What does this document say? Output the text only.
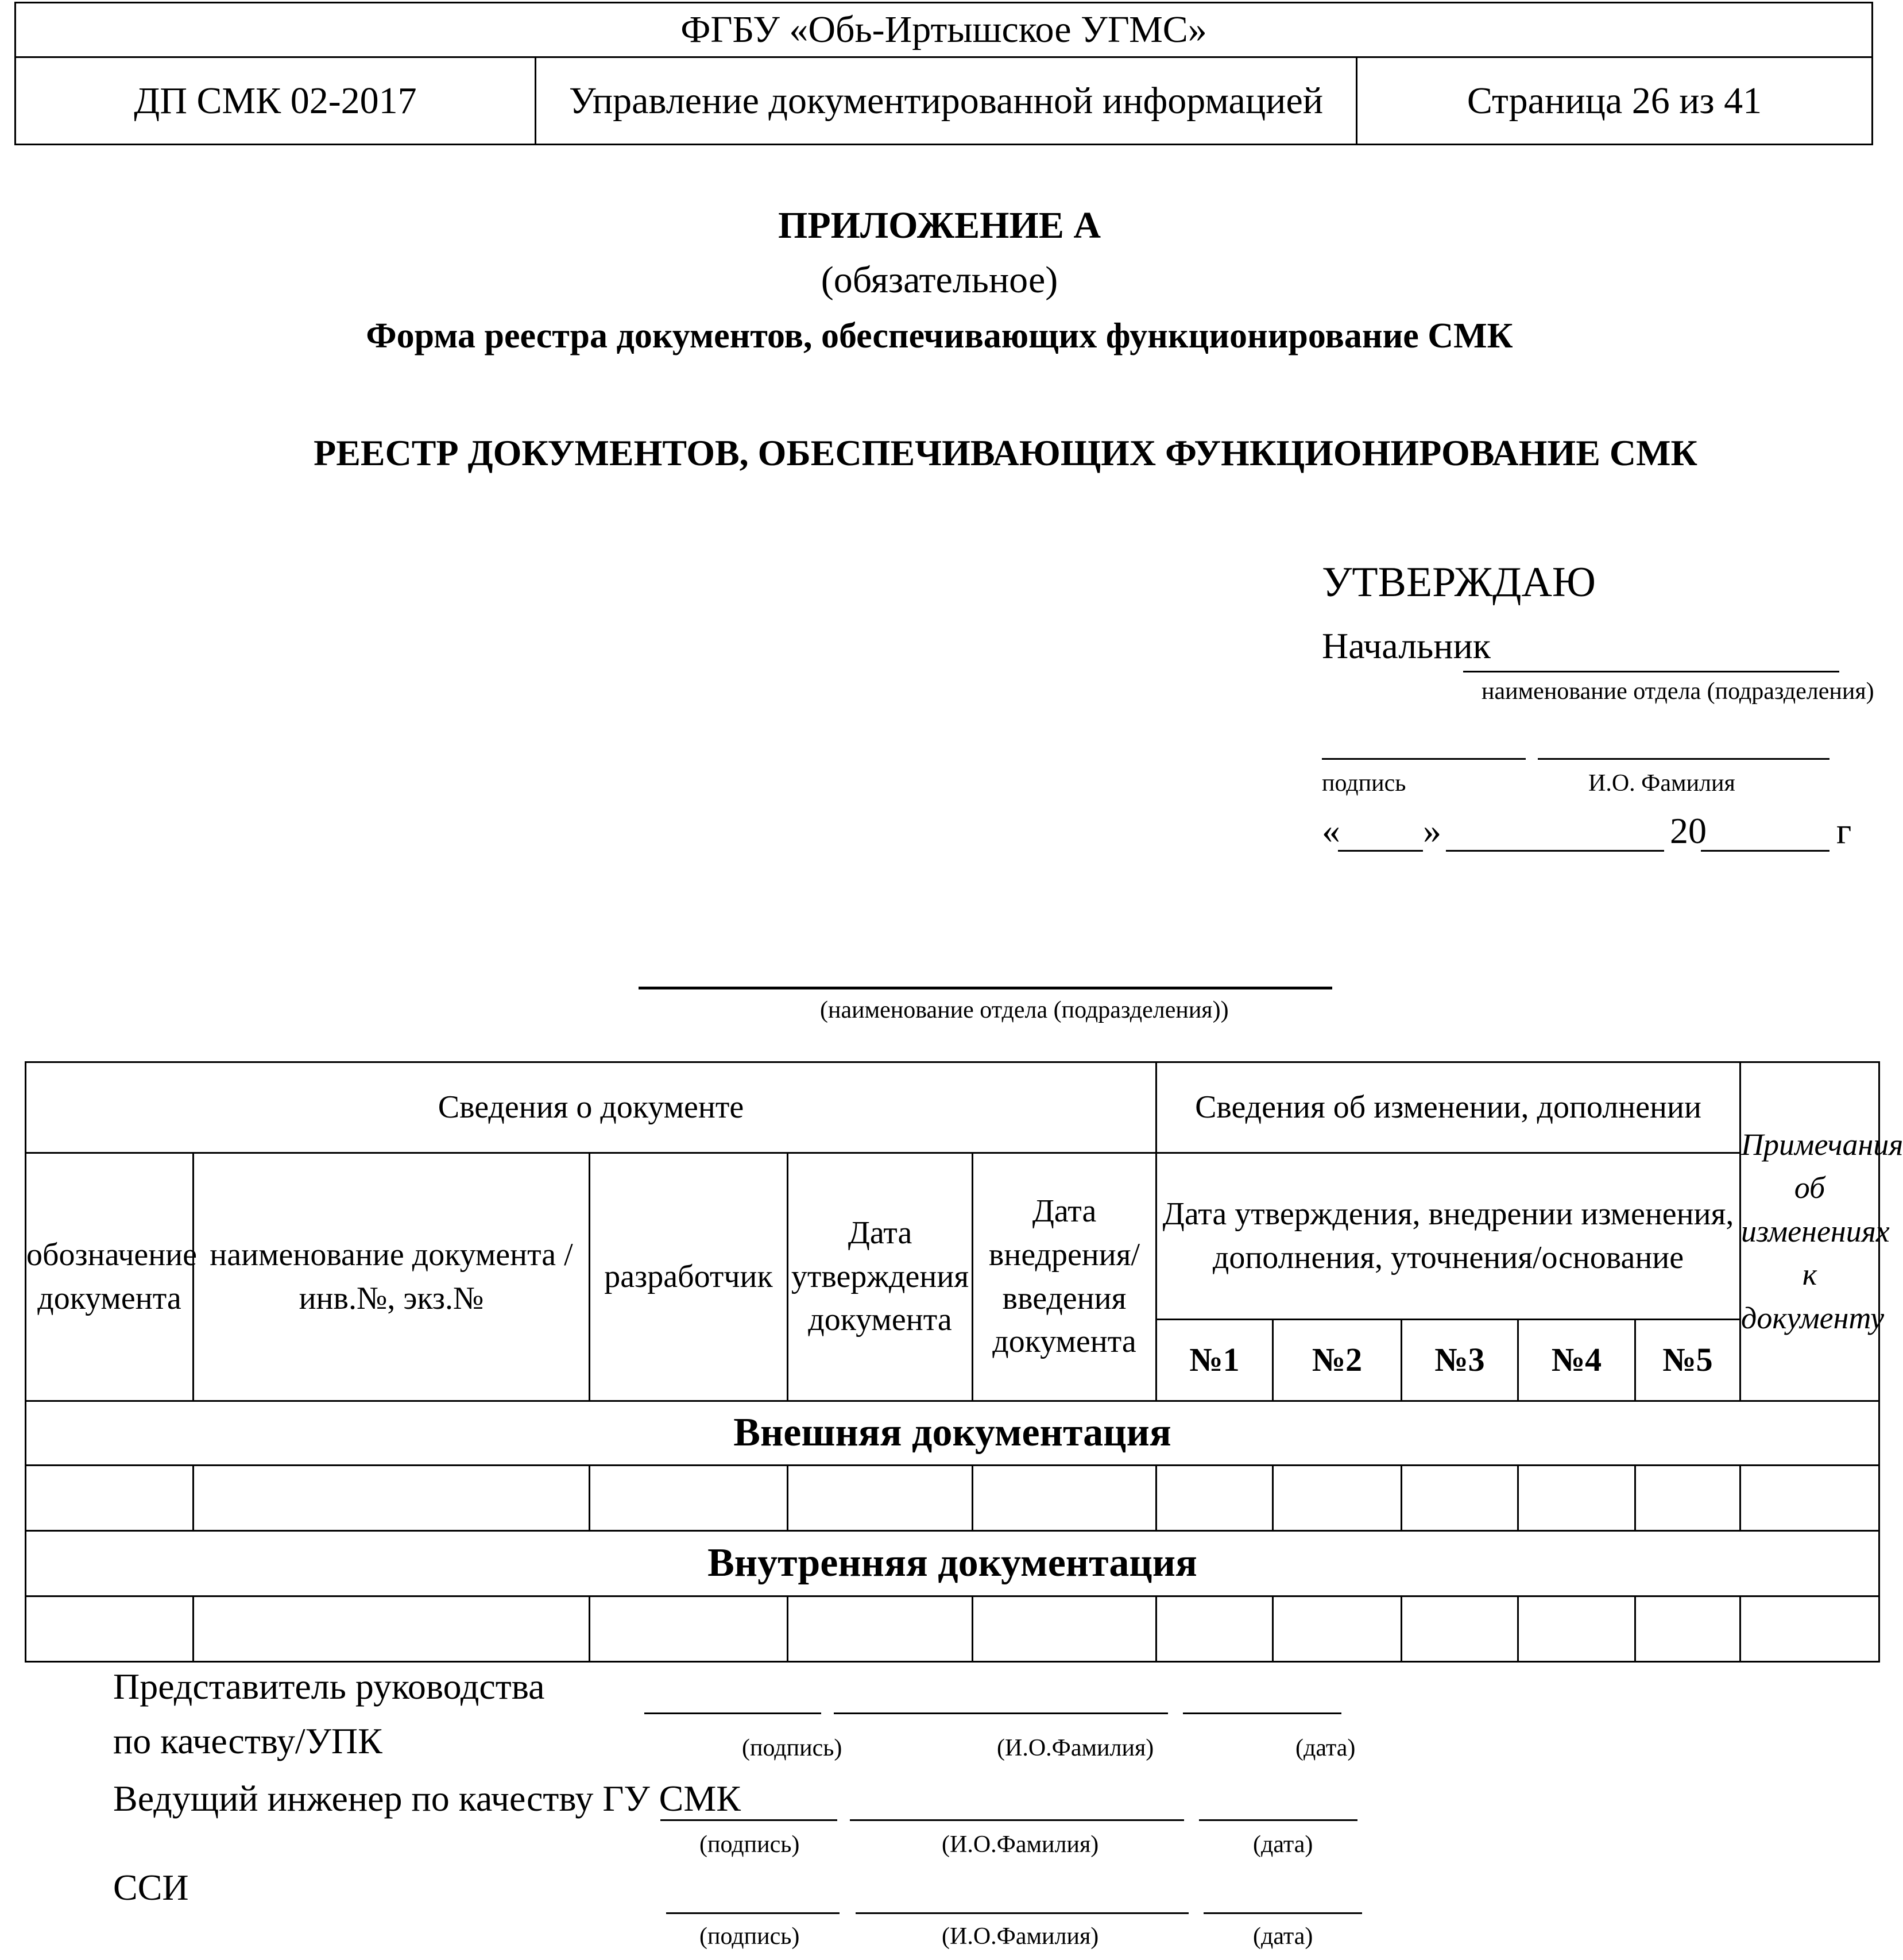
ФГБУ «Обь-Иртышское УГМС»
ДП СМК 02-2017	Управление документированной информацией	Страница 26 из 41
ПРИЛОЖЕНИЕ А
(обязательное)
Форма реестра документов, обеспечивающих функционирование СМК
РЕЕСТР ДОКУМЕНТОВ, ОБЕСПЕЧИВАЮЩИХ ФУНКЦИОНИРОВАНИЕ СМК
УТВЕРЖДАЮ
Начальник
наименование отдела (подразделения)
подпись	И.О. Фамилия
« »	20	г
(наименование отдела (подразделения))
Сведения о документе					Сведения об изменении, дополнении					Примечания об изменениях к документу
обозначение документа	наименование документа / инв.№, экз.№	разработчик	Дата утверждения документа	Дата внедрения/введения документа	Дата утверждения, внедрении изменения, дополнения, уточнения/основание					
					№1	№2	№3	№4	№5	
Внешняя документация										

Внутренняя документация										

Представитель руководства
по качеству/УПК	(подпись)	(И.О.Фамилия)	(дата)
Ведущий инженер по качеству ГУ СМК
(подпись)	(И.О.Фамилия)	(дата)
ССИ
(подпись)	(И.О.Фамилия)	(дата)
